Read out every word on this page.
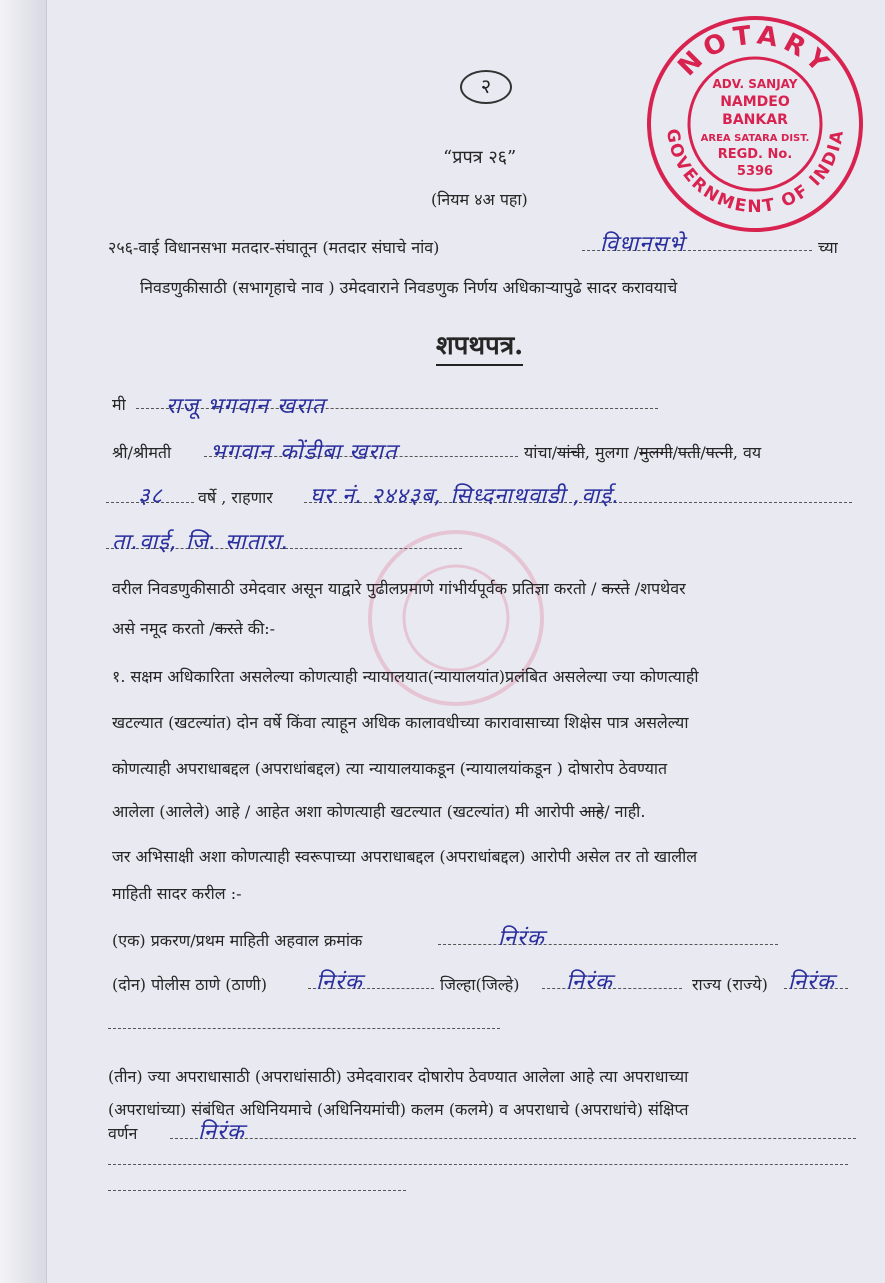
NOTARY
GOVERNMENT OF INDIA
ADV. SANJAY
NAMDEO
BANKAR
AREA SATARA DIST.
REGD. No.
5396
२
“प्रपत्र २६”
(नियम ४अ पहा)
२५६-वाई विधानसभा मतदार-संघातून (मतदार संघाचे नांव)	विधानसभे	च्या
निवडणुकीसाठी (सभागृहाचे नाव ) उमेदवाराने निवडणुक निर्णय अधिकाऱ्यापुढे सादर करावयाचे
शपथपत्र.
मी राजू भगवान खरात
श्री/श्रीमती भगवान कोंडीबा खरात	यांचा/यांची, मुलगा /मुलगी/पती/पत्नी, वय
३८ वर्षे , राहणार घर नं. २४४३ब, सिध्दनाथवाडी ,वाई.
ता.वाई, जि. सातारा.
वरील निवडणुकीसाठी उमेदवार असून याद्वारे पुढीलप्रमाणे गांभीर्यपूर्वक प्रतिज्ञा करतो / करते /शपथेवर
असे नमूद करतो /करते की:-
१. सक्षम अधिकारिता असलेल्या कोणत्याही न्यायालयात(न्यायालयांत)प्रलंबित असलेल्या ज्या कोणत्याही
खटल्यात (खटल्यांत) दोन वर्षे किंवा त्याहून अधिक कालावधीच्या कारावासाच्या शिक्षेस पात्र असलेल्या
कोणत्याही अपराधाबद्दल (अपराधांबद्दल) त्या न्यायालयाकडून (न्यायालयांकडून ) दोषारोप ठेवण्यात
आलेला (आलेले) आहे / आहेत अशा कोणत्याही खटल्यात (खटल्यांत) मी आरोपी आहे/ नाही.
जर अभिसाक्षी अशा कोणत्याही स्वरूपाच्या अपराधाबद्दल (अपराधांबद्दल) आरोपी असेल तर तो खालील
माहिती सादर करील :-
(एक) प्रकरण/प्रथम माहिती अहवाल क्रमांक	निरंक
(दोन) पोलीस ठाणे (ठाणी) निरंक	जिल्हा(जिल्हे) निरंक	राज्य (राज्ये) निरंक
(तीन) ज्या अपराधासाठी (अपराधांसाठी) उमेदवारावर दोषारोप ठेवण्यात आलेला आहे त्या अपराधाच्या
(अपराधांच्या) संबंधित अधिनियमाचे (अधिनियमांची) कलम (कलमे) व अपराधाचे (अपराधांचे) संक्षिप्त
वर्णन	निरंक
